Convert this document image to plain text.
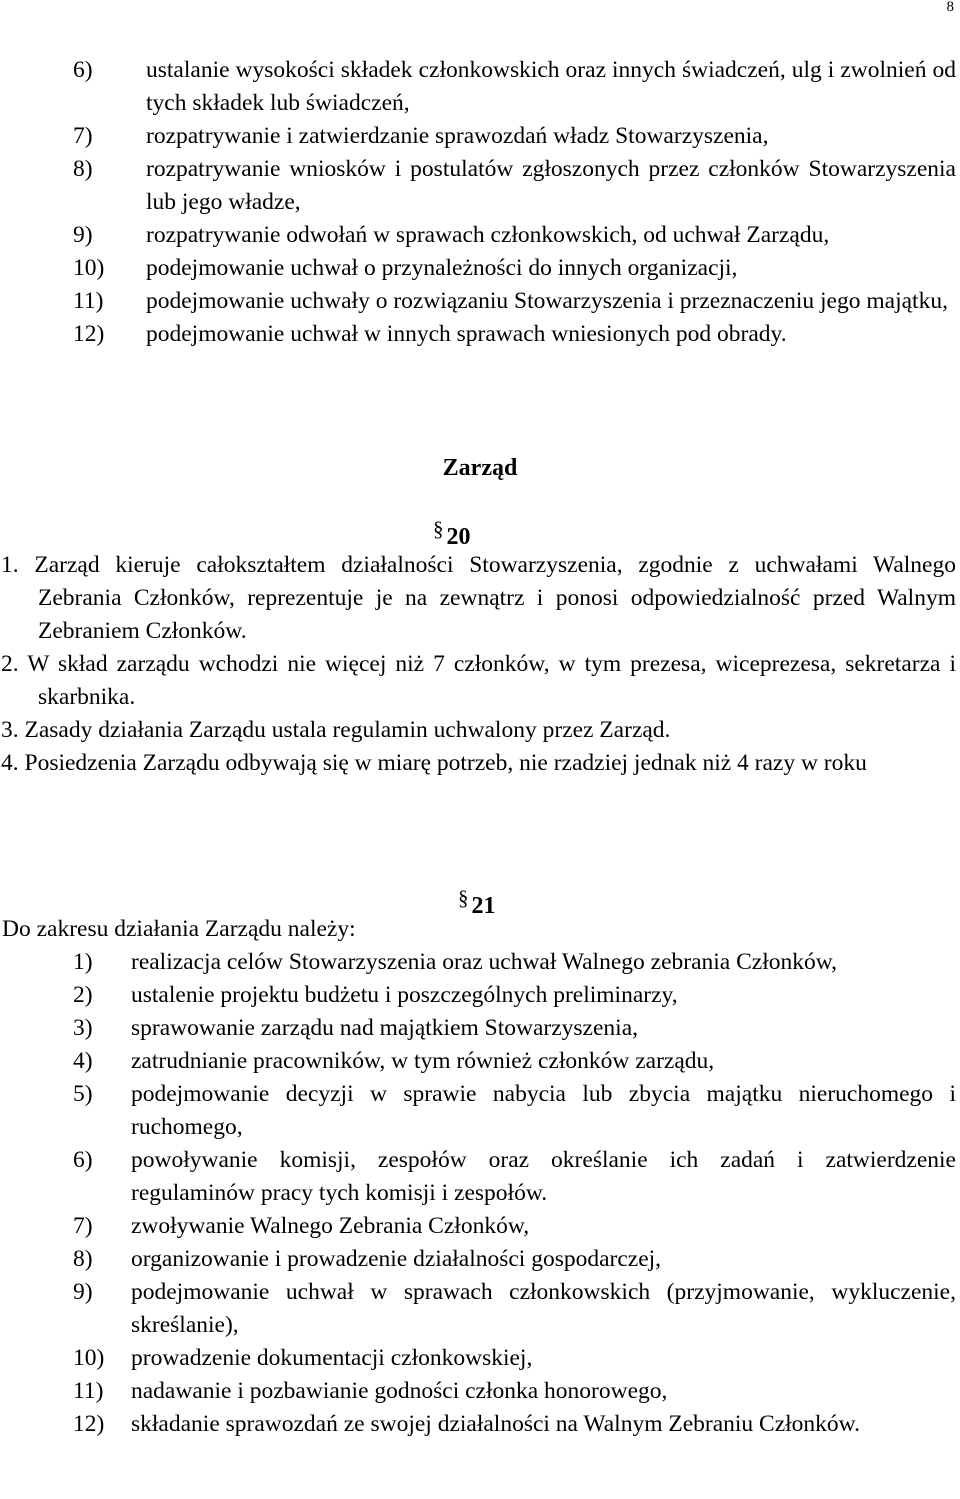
8
6) ustalanie wysokości składek członkowskich oraz innych świadczeń, ulg i zwolnień od tych składek lub świadczeń,
7) rozpatrywanie i zatwierdzanie sprawozdań władz Stowarzyszenia,
8) rozpatrywanie wniosków i postulatów zgłoszonych przez członków Stowarzyszenia lub jego władze,
9) rozpatrywanie odwołań w sprawach członkowskich, od uchwał Zarządu,
10) podejmowanie uchwał o przynależności do innych organizacji,
11) podejmowanie uchwały o rozwiązaniu Stowarzyszenia i przeznaczeniu jego majątku,
12) podejmowanie uchwał w innych sprawach wniesionych pod obrady.
Zarząd
§ 20
1. Zarząd kieruje całokształtem działalności Stowarzyszenia, zgodnie z uchwałami Walnego Zebrania Członków, reprezentuje je na zewnątrz i ponosi odpowiedzialność przed Walnym Zebraniem Członków.
2. W skład zarządu wchodzi nie więcej niż 7 członków, w tym prezesa, wiceprezesa, sekretarza i skarbnika.
3. Zasady działania Zarządu ustala regulamin uchwalony przez Zarząd.
4. Posiedzenia Zarządu odbywają się w miarę potrzeb, nie rzadziej jednak niż 4 razy w roku
§ 21
Do zakresu działania Zarządu należy:
1) realizacja celów Stowarzyszenia oraz uchwał Walnego zebrania Członków,
2) ustalenie projektu budżetu i poszczególnych preliminarzy,
3) sprawowanie zarządu nad majątkiem Stowarzyszenia,
4) zatrudnianie pracowników, w tym również członków zarządu,
5) podejmowanie decyzji w sprawie nabycia lub zbycia majątku nieruchomego i ruchomego,
6) powoływanie komisji, zespołów oraz określanie ich zadań i zatwierdzenie regulaminów pracy tych komisji i zespołów.
7) zwoływanie Walnego Zebrania Członków,
8) organizowanie i prowadzenie działalności gospodarczej,
9) podejmowanie uchwał w sprawach członkowskich (przyjmowanie, wykluczenie, skreślanie),
10) prowadzenie dokumentacji członkowskiej,
11) nadawanie i pozbawianie godności członka honorowego,
12) składanie sprawozdań ze swojej działalności na Walnym Zebraniu Członków.
